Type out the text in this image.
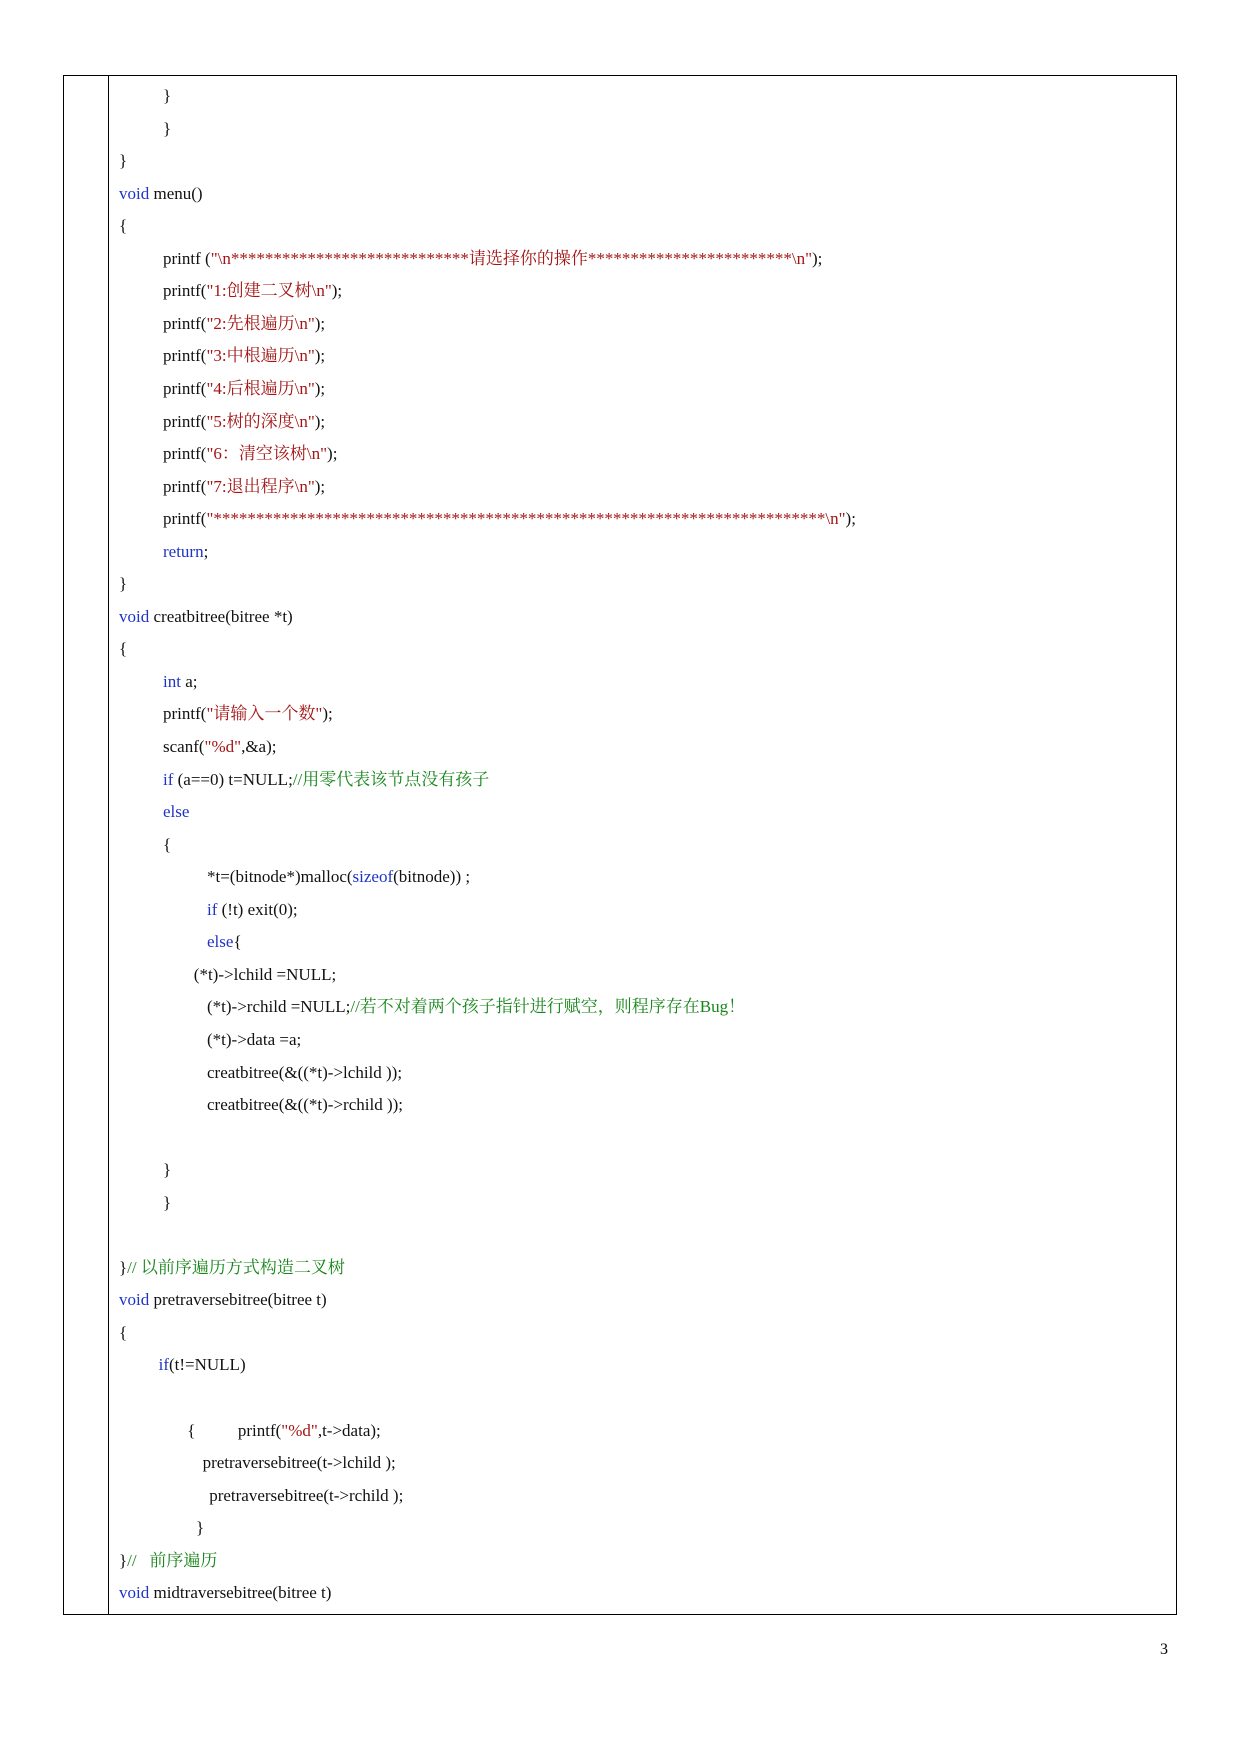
}
}
}
void menu()
{
printf ("\n****************************请选择你的操作************************\n");
printf("1:创建二叉树\n");
printf("2:先根遍历\n");
printf("3:中根遍历\n");
printf("4:后根遍历\n");
printf("5:树的深度\n");
printf("6：清空该树\n");
printf("7:退出程序\n");
printf("************************************************************************\n");
return;
}
void creatbitree(bitree *t)
{
int a;
printf("请输入一个数");
scanf("%d",&a);
if (a==0) t=NULL;//用零代表该节点没有孩子
else
{
*t=(bitnode*)malloc(sizeof(bitnode)) ;
if (!t) exit(0);
else{
(*t)->lchild =NULL;
(*t)->rchild =NULL;//若不对着两个孩子指针进行赋空，则程序存在Bug！
(*t)->data =a;
creatbitree(&((*t)->lchild ));
creatbitree(&((*t)->rchild ));
}
}
}// 以前序遍历方式构造二叉树
void pretraversebitree(bitree t)
{
if(t!=NULL)
{          printf("%d",t->data);
pretraversebitree(t->lchild );
pretraversebitree(t->rchild );
}
}//   前序遍历
void midtraversebitree(bitree t)
3
